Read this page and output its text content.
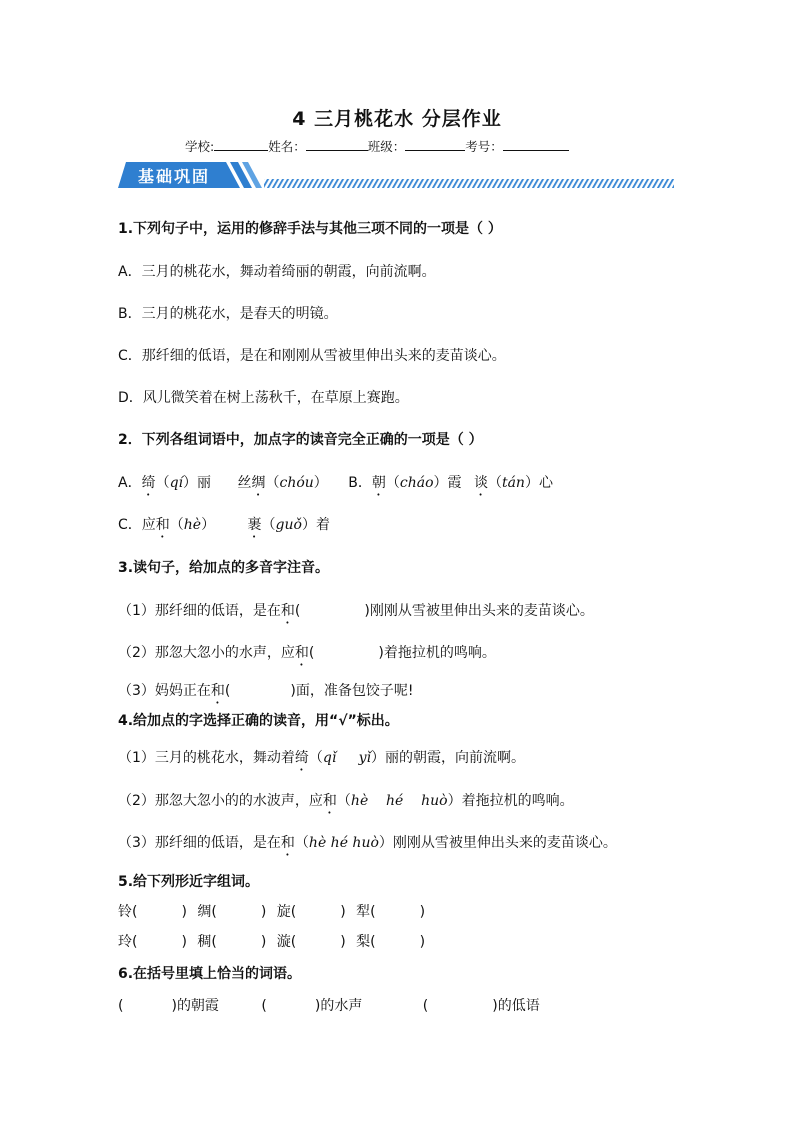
4 三月桃花水 分层作业
学校:	姓名：	班级：	考号：
基础巩固
1.下列句子中，运用的修辞手法与其他三项不同的一项是（ ）
A．三月的桃花水，舞动着绮丽的朝霞，向前流啊。
B．三月的桃花水，是春天的明镜。
C．那纤细的低语，是在和刚刚从雪被里伸出头来的麦苗谈心。
D．风儿微笑着在树上荡秋千，在草原上赛跑。
2．下列各组词语中，加点字的读音完全正确的一项是（ ）
A．绮（qí）丽 丝绸（chóu） B．朝（cháo）霞 谈（tán）心
C．应和（hè） 裹（guǒ）着
3.读句子，给加点的多音字注音。
（1）那纤细的低语，是在和(	)刚刚从雪被里伸出头来的麦苗谈心。
（2）那忽大忽小的水声，应和(	)着拖拉机的鸣响。
（3）妈妈正在和(	)面，准备包饺子呢!
4.给加点的字选择正确的读音，用“√”标出。
（1）三月的桃花水，舞动着绮（qǐ     yǐ）丽的朝霞，向前流啊。
（2）那忽大忽小的的水波声，应和（hè    hé    huò）着拖拉机的鸣响。
（3）那纤细的低语，是在和（hè hé huò）刚刚从雪被里伸出头来的麦苗谈心。
5.给下列形近字组词。
铃(	) 绸(	) 旋(	) 犁(	)
玲(	) 稠(	) 漩(	) 梨(	)
6.在括号里填上恰当的词语。
(	)的朝霞	(	)的水声	(	)的低语
